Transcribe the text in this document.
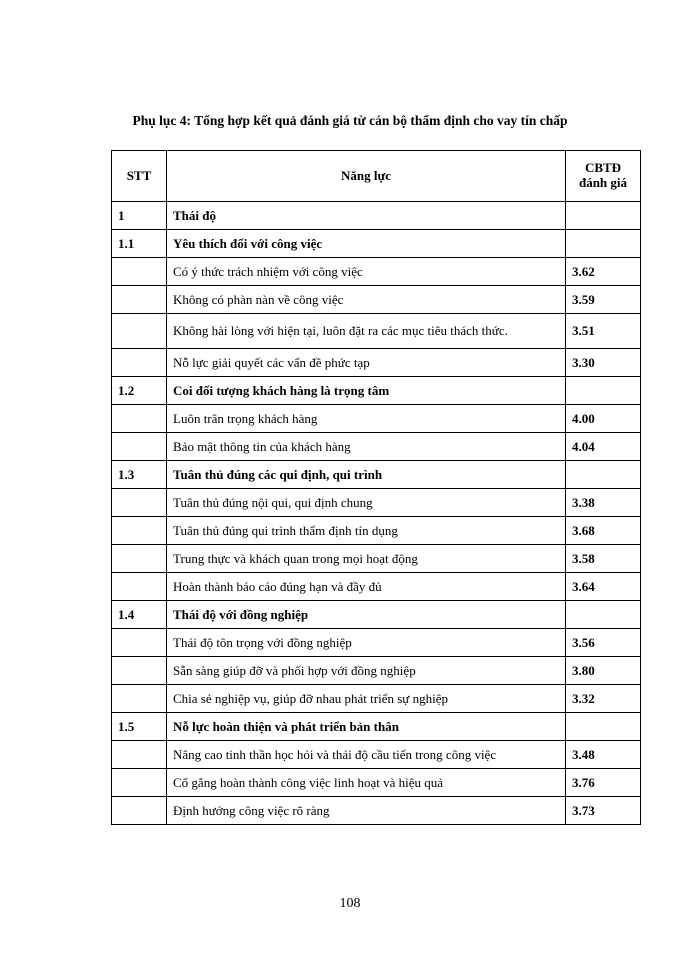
Phụ lục 4: Tổng hợp kết quả đánh giá từ cán bộ thẩm định cho vay tín chấp
STT	Năng lực	CBTĐ đánh giá
1	Thái độ	
1.1	Yêu thích đối với công việc	
	Có ý thức trách nhiệm với công việc	3.62
	Không có phàn nàn về công việc	3.59
	Không hài lòng với hiện tại, luôn đặt ra các mục tiêu thách thức.	3.51
	Nỗ lực giải quyết các vấn đề phức tạp	3.30
1.2	Coi đối tượng khách hàng là trọng tâm	
	Luôn trân trọng khách hàng	4.00
	Bảo mật thông tin của khách hàng	4.04
1.3	Tuân thủ đúng các qui định, qui trình	
	Tuân thủ đúng nội qui, qui định chung	3.38
	Tuân thủ đúng qui trình thẩm định tín dụng	3.68
	Trung thực và khách quan trong mọi hoạt động	3.58
	Hoàn thành báo cáo đúng hạn và đầy đủ	3.64
1.4	Thái độ với đồng nghiệp	
	Thái độ tôn trọng với đồng nghiệp	3.56
	Sẵn sàng giúp đỡ và phối hợp với đồng nghiệp	3.80
	Chia sẻ nghiệp vụ, giúp đỡ nhau phát triển sự nghiệp	3.32
1.5	Nỗ lực hoàn thiện và phát triển bản thân	
	Nâng cao tinh thần học hỏi và thái độ cầu tiến trong công việc	3.48
	Cố gắng hoàn thành công việc linh hoạt và hiệu quả	3.76
	Định hướng công việc rõ ràng	3.73
108
